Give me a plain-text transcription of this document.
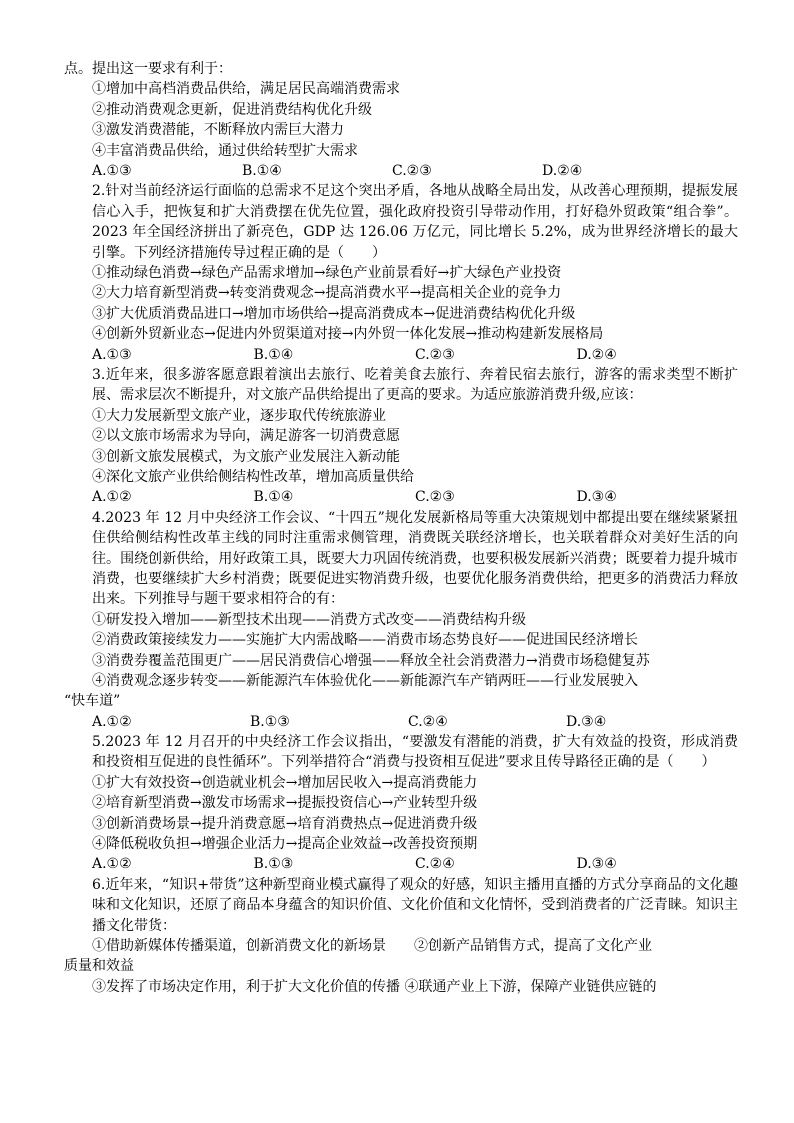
点。提出这一要求有利于：
①增加中高档消费品供给，满足居民高端消费需求
②推动消费观念更新，促进消费结构优化升级
③激发消费潜能，不断释放内需巨大潜力
④丰富消费品供给，通过供给转型扩大需求
A.①③	B.①④	C.②③	D.②④
2.针对当前经济运行面临的总需求不足这个突出矛盾，各地从战略全局出发，从改善心理预期，提振发展信心入手，把恢复和扩大消费摆在优先位置，强化政府投资引导带动作用，打好稳外贸政策“组合拳”。2023 年全国经济拼出了新亮色，GDP 达 126.06 万亿元，同比增长 5.2%，成为世界经济增长的最大引擎。下列经济措施传导过程正确的是（　　）
①推动绿色消费→绿色产品需求增加→绿色产业前景看好→扩大绿色产业投资
②大力培育新型消费→转变消费观念→提高消费水平→提高相关企业的竞争力
③扩大优质消费品进口→增加市场供给→提高消费成本→促进消费结构优化升级
④创新外贸新业态→促进内外贸渠道对接→内外贸一体化发展→推动构建新发展格局
A.①③	B.①④	C.②③	D.②④
3.近年来，很多游客愿意跟着演出去旅行、吃着美食去旅行、奔着民宿去旅行，游客的需求类型不断扩展、需求层次不断提升，对文旅产品供给提出了更高的要求。为适应旅游消费升级,应该：
①大力发展新型文旅产业，逐步取代传统旅游业
②以文旅市场需求为导向，满足游客一切消费意愿
③创新文旅发展模式，为文旅产业发展注入新动能
④深化文旅产业供给侧结构性改革，增加高质量供给
A.①②	B.①④	C.②③	D.③④
4.2023 年 12 月中央经济工作会议、“十四五”规化发展新格局等重大决策规划中都提出要在继续紧紧扭住供给侧结构性改革主线的同时注重需求侧管理，消费既关联经济增长，也关联着群众对美好生活的向往。围绕创新供给，用好政策工具，既要大力巩固传统消费，也要积极发展新兴消费；既要着力提升城市消费，也要继续扩大乡村消费；既要促进实物消费升级，也要优化服务消费供给，把更多的消费活力释放出来。下列推导与题干要求相符合的有：
①研发投入增加——新型技术出现——消费方式改变——消费结构升级
②消费政策接续发力——实施扩大内需战略——消费市场态势良好——促进国民经济增长
③消费券覆盖范围更广——居民消费信心增强——释放全社会消费潜力→消费市场稳健复苏
④消费观念逐步转变——新能源汽车体验优化——新能源汽车产销两旺——行业发展驶入
“快车道”
A.①②	B.①③	C.②④	D.③④
5.2023 年 12 月召开的中央经济工作会议指出，“要激发有潜能的消费，扩大有效益的投资，形成消费和投资相互促进的良性循环”。下列举措符合“消费与投资相互促进”要求且传导路径正确的是（　　）
①扩大有效投资→创造就业机会→增加居民收入→提高消费能力
②培育新型消费→激发市场需求→提振投资信心→产业转型升级
③创新消费场景→提升消费意愿→培育消费热点→促进消费升级
④降低税收负担→增强企业活力→提高企业效益→改善投资预期
A.①②	B.①③	C.②④	D.③④
6.近年来，“知识+带货”这种新型商业模式赢得了观众的好感，知识主播用直播的方式分享商品的文化趣味和文化知识，还原了商品本身蕴含的知识价值、文化价值和文化情怀，受到消费者的广泛青睐。知识主播文化带货：
①借助新媒体传播渠道，创新消费文化的新场景　　②创新产品销售方式，提高了文化产业
质量和效益
③发挥了市场决定作用，利于扩大文化价值的传播 ④联通产业上下游，保障产业链供应链的
